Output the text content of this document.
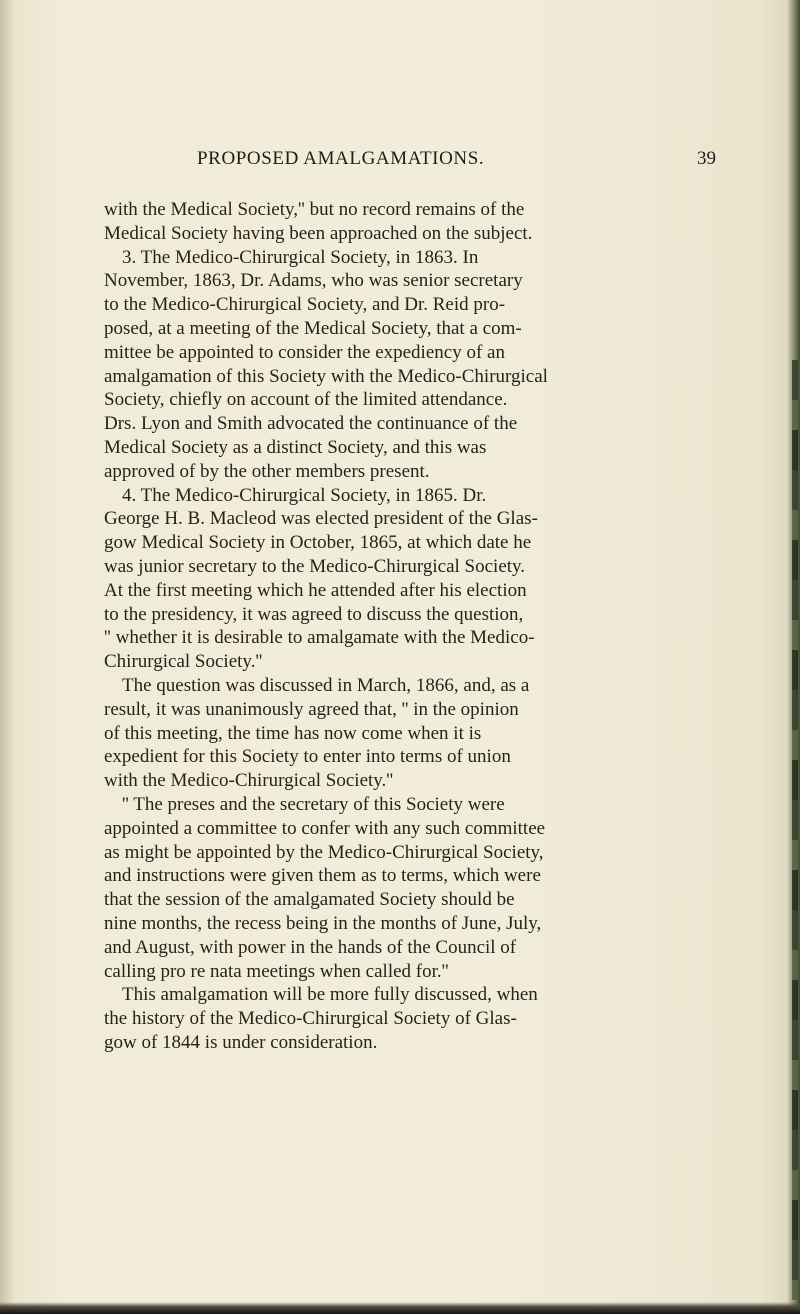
PROPOSED AMALGAMATIONS.	39
with the Medical Society,'' but no record remains of the
Medical Society having been approached on the subject.
3. The Medico-Chirurgical Society, in 1863. In
November, 1863, Dr. Adams, who was senior secretary
to the Medico-Chirurgical Society, and Dr. Reid pro-
posed, at a meeting of the Medical Society, that a com-
mittee be appointed to consider the expediency of an
amalgamation of this Society with the Medico-Chirurgical
Society, chiefly on account of the limited attendance.
Drs. Lyon and Smith advocated the continuance of the
Medical Society as a distinct Society, and this was
approved of by the other members present.
4. The Medico-Chirurgical Society, in 1865. Dr.
George H. B. Macleod was elected president of the Glas-
gow Medical Society in October, 1865, at which date he
was junior secretary to the Medico-Chirurgical Society.
At the first meeting which he attended after his election
to the presidency, it was agreed to discuss the question,
'' whether it is desirable to amalgamate with the Medico-
Chirurgical Society.''
The question was discussed in March, 1866, and, as a
result, it was unanimously agreed that, '' in the opinion
of this meeting, the time has now come when it is
expedient for this Society to enter into terms of union
with the Medico-Chirurgical Society.''
'' The preses and the secretary of this Society were
appointed a committee to confer with any such committee
as might be appointed by the Medico-Chirurgical Society,
and instructions were given them as to terms, which were
that the session of the amalgamated Society should be
nine months, the recess being in the months of June, July,
and August, with power in the hands of the Council of
calling pro re nata meetings when called for.''
This amalgamation will be more fully discussed, when
the history of the Medico-Chirurgical Society of Glas-
gow of 1844 is under consideration.
